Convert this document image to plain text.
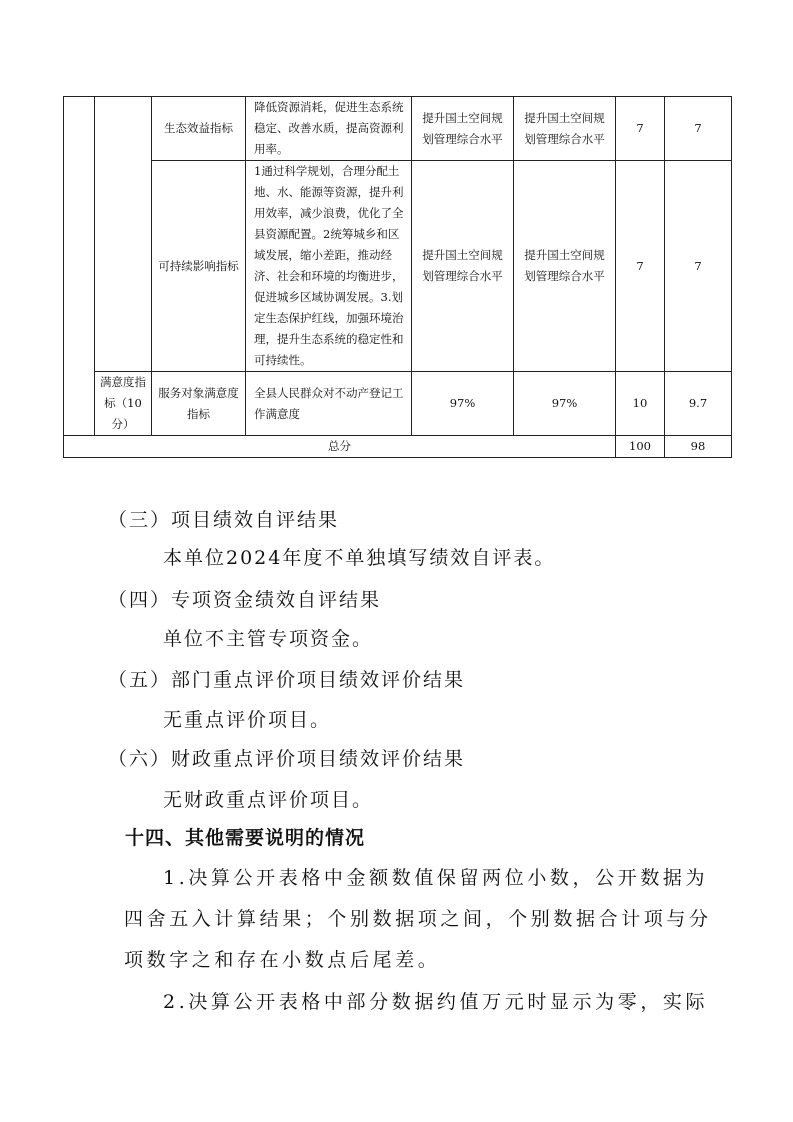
		生态效益指标	降低资源消耗，促进生态系统稳定、改善水质，提高资源利用率。	提升国土空间规划管理综合水平	提升国土空间规划管理综合水平	7	7
		可持续影响指标	1通过科学规划，合理分配土地、水、能源等资源，提升利用效率，减少浪费，优化了全县资源配置。2统筹城乡和区域发展，缩小差距，推动经济、社会和环境的均衡进步，促进城乡区域协调发展。3.划定生态保护红线，加强环境治理，提升生态系统的稳定性和可持续性。	提升国土空间规划管理综合水平	提升国土空间规划管理综合水平	7	7
	满意度指标（10分）	服务对象满意度指标	全县人民群众对不动产登记工作满意度	97%	97%	10	9.7
总分						100	98

（三）项目绩效自评结果

本单位2024年度不单独填写绩效自评表。

（四）专项资金绩效自评结果

单位不主管专项资金。

（五）部门重点评价项目绩效评价结果

无重点评价项目。

（六）财政重点评价项目绩效评价结果

无财政重点评价项目。

十四、其他需要说明的情况

1.决算公开表格中金额数值保留两位小数，公开数据为

四舍五入计算结果；个别数据项之间，个别数据合计项与分

项数字之和存在小数点后尾差。

2.决算公开表格中部分数据约值万元时显示为零，实际
